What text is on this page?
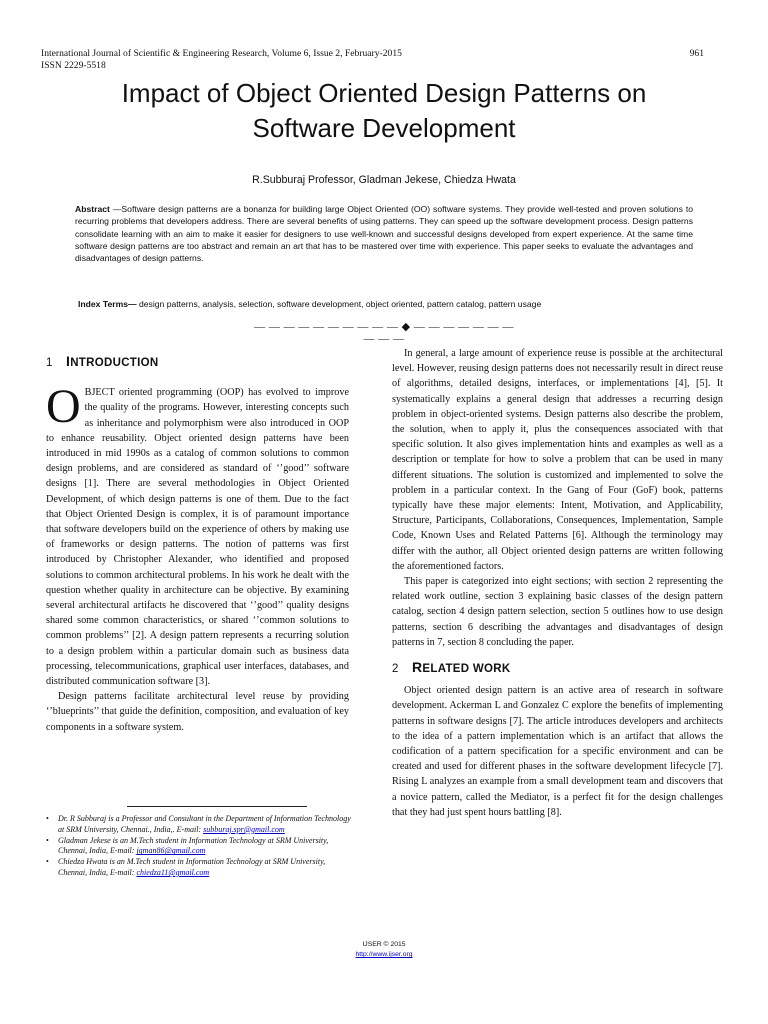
International Journal of Scientific & Engineering Research, Volume 6, Issue 2, February-2015
ISSN 2229-5518
961
Impact of Object Oriented Design Patterns on
Software Development
R.Subburaj Professor, Gladman Jekese, Chiedza Hwata
Abstract —Software design patterns are a bonanza for building large Object Oriented (OO) software systems. They provide well-tested and proven solutions to recurring problems that developers address. There are several benefits of using patterns. They can speed up the software development process. Design patterns consolidate learning with an aim to make it easier for designers to use well-known and successful designs developed from expert experience. At the same time software design patterns are too abstract and remain an art that has to be mastered over time with experience. This paper seeks to evaluate the advantages and disadvantages of design patterns.
Index Terms— design patterns, analysis, selection, software development, object oriented, pattern catalog, pattern usage
— — — — — — — — — — ◆ — — — — — — — — — —
1 INTRODUCTION

OBJECT oriented programming (OOP) has evolved to improve the quality of the programs. However, interesting concepts such as inheritance and polymorphism were also introduced in OOP to enhance reusability. Object oriented design patterns have been introduced in mid 1990s as a catalog of common solutions to common design problems, and are considered as standard of ‘’good’’ software designs [1]. There are several methodologies in Object Oriented Development, of which design patterns is one of them. Due to the fact that Object Oriented Design is complex, it is of paramount importance that software developers build on the experience of others by making use of frameworks or design patterns. The notion of patterns was first introduced by Christopher Alexander, who identified and proposed solutions to common architectural problems. In his work he dealt with the question whether quality in architecture can be objective. By examining several architectural artifacts he discovered that ‘’good’’ quality designs shared some common characteristics, or shared ‘’common solutions to common problems’’ [2]. A design pattern represents a recurring solution to a design problem within a particular domain such as business data processing, telecommunications, graphical user interfaces, databases, and distributed communication software [3].

Design patterns facilitate architectural level reuse by providing ‘’blueprints’’ that guide the definition, composition, and evaluation of key components in a software system.

• Dr. R Subburaj is a Professor and Consultant in the Department of Information Technology at SRM University, Chennai., India,. E-mail: subburaj.spr@gmail.com
• Gladman Jekese is an M.Tech student in Information Technology at SRM University, Chennai, India, E-mail: jgman86@gmail.com
• Chiedza Hwata is an M.Tech student in Information Technology at SRM University, Chennai, India, E-mail: chiedza11@gmail.com

In general, a large amount of experience reuse is possible at the architectural level. However, reusing design patterns does not necessarily result in direct reuse of algorithms, detailed designs, interfaces, or implementations [4], [5]. It systematically explains a general design that addresses a recurring design problem in object-oriented systems. Design patterns also describe the problem, the solution, when to apply it, plus the consequences associated with that specific solution. It also gives implementation hints and examples as well as a description or template for how to solve a problem that can be used in many different situations. The solution is customized and implemented to solve the problem in a particular context. In the Gang of Four (GoF) book, patterns typically have these major elements: Intent, Motivation, and Applicability, Structure, Participants, Collaborations, Consequences, Implementation, Sample Code, Known Uses and Related Patterns [6]. Although the terminology may differ with the author, all Object oriented design patterns are written following the aforementioned factors.

This paper is categorized into eight sections; with section 2 representing the related work outline, section 3 explaining basic classes of the design pattern catalog, section 4 design pattern selection, section 5 outlines how to use design patterns, section 6 describing the advantages and disadvantages of design patterns in 7, section 8 concluding the paper.

2 RELATED WORK

Object oriented design pattern is an active area of research in software development. Ackerman L and Gonzalez C explore the benefits of implementing patterns in software designs [7]. The article introduces developers and architects to the idea of a pattern implementation which is an artifact that allows the codification of a pattern specification for a specific environment and can be created and used for different phases in the software development lifecycle [7]. Rising L analyzes an example from a small development team and discovers that a novice pattern, called the Mediator, is a perfect fit for the design challenges that they had just spent hours battling [8].

IJSER © 2015
http://www.ijser.org
